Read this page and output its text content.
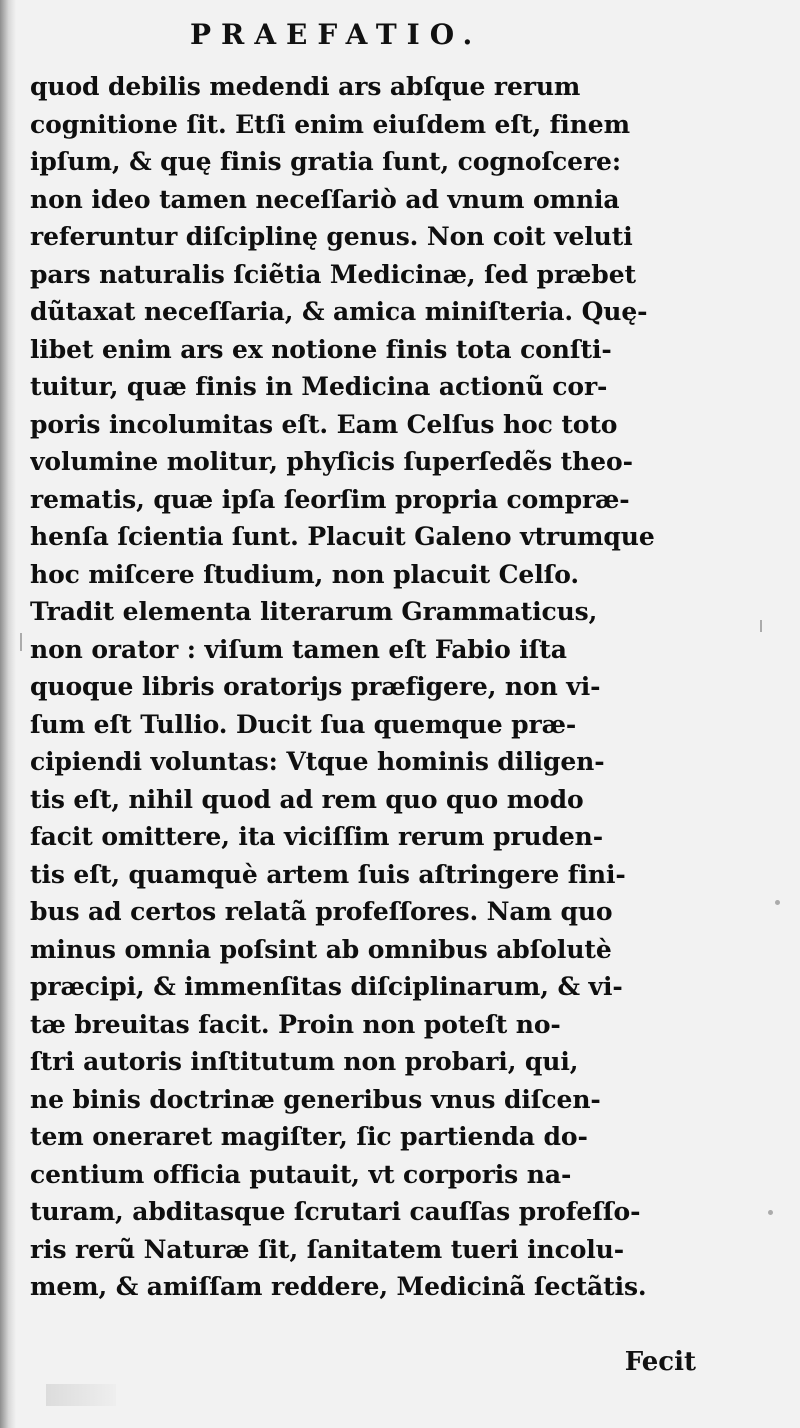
PRAEFATIO.
quod debilis medendi ars abſque rerum
cognitione ſit. Etſi enim eiuſdem eſt, finem
ipſum, & quę finis gratia ſunt, cognoſcere:
non ideo tamen neceſſariò ad vnum omnia
referuntur diſciplinę genus. Non coit veluti
pars naturalis ſciẽtia Medicinæ, ſed præbet
dũtaxat neceſſaria, & amica miniſteria. Quę-
libet enim ars ex notione finis tota conſti-
tuitur, quæ finis in Medicina actionũ cor-
poris incolumitas eſt. Eam Celſus hoc toto
volumine molitur, phyſicis ſuperſedẽs theo-
rematis, quæ ipſa ſeorſim propria compræ-
henſa ſcientia ſunt. Placuit Galeno vtrumque
hoc miſcere ſtudium, non placuit Celſo.
Tradit elementa literarum Grammaticus,
non orator : viſum tamen eſt Fabio iſta
quoque libris oratoriȷs præfigere, non vi-
ſum eſt Tullio. Ducit ſua quemque præ-
cipiendi voluntas: Vtque hominis diligen-
tis eſt, nihil quod ad rem quo quo modo
facit omittere, ita viciſſim rerum pruden-
tis eſt, quamquè artem ſuis aſtringere fini-
bus ad certos relatã profeſſores. Nam quo
minus omnia poſsint ab omnibus abſolutè
præcipi, & immenſitas diſciplinarum, & vi-
tæ breuitas facit. Proin non poteſt no-
ſtri autoris inſtitutum non probari, qui,
ne binis doctrinæ generibus vnus diſcen-
tem oneraret magiſter, ſic partienda do-
centium officia putauit, vt corporis na-
turam, abditasque ſcrutari cauſſas profeſſo-
ris rerũ Naturæ ſit, ſanitatem tueri incolu-
mem, & amiſſam reddere, Medicinã ſectãtis.

Fecit
